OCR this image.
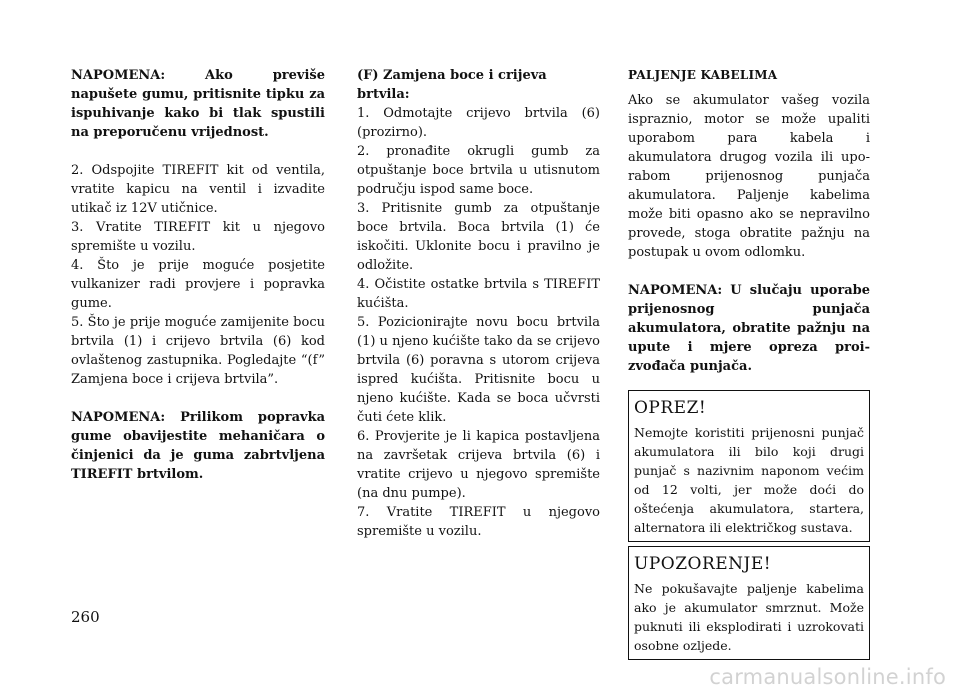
NAPOMENA: Ako previše napušete gumu, pritisnite tipku za ispuhivanje kako bi tlak spustili na preporučenu vrijednost.

2. Odspojite TIREFIT kit od ventila, vratite kapicu na ventil i izvadite utikač iz 12V utičnice.

3. Vratite TIREFIT kit u njegovo spremište u vozilu.

4. Što je prije moguće posjetite vulkanizer radi provjere i popravka gume.

5. Što je prije moguće zamijenite bocu brtvila (1) i crijevo brtvila (6) kod ovlaštenog zastupnika. Pogledajte “(f” Zamjena boce i crijeva brtvila”.

NAPOMENA: Prilikom popravka gume obavijestite mehaničara o činjenici da je guma zabrtvljena TIREFIT brtvilom.

(F) Zamjena boce i crijeva brtvila:

1. Odmotajte crijevo brtvila (6) (prozirno).

2. pronađite okrugli gumb za otpuštanje boce brtvila u utisnutom području ispod same boce.

3. Pritisnite gumb za otpuštanje boce brtvila. Boca brtvila (1) će iskočiti. Uklonite bocu i pravilno je odložite.

4. Očistite ostatke brtvila s TIREFIT kućišta.

5. Pozicionirajte novu bocu brtvila (1) u njeno kućište tako da se crijevo brtvila (6) poravna s utorom crijeva ispred kućišta. Pritisnite bocu u njeno kućište. Kada se boca učvrsti čuti ćete klik.

6. Provjerite je li kapica postavljena na završetak crijeva brtvila (6) i vratite crijevo u njegovo spremište (na dnu pumpe).

7. Vratite TIREFIT u njegovo spremište u vozilu.

PALJENJE KABELIMA

Ako se akumulator vašeg vozila ispraznio, motor se može upaliti uporabom para kabela i akumulatora drugog vozila ili uporabom prijenosnog punjača akumulatora. Paljenje kabelima može biti opasno ako se nepravilno provede, stoga obratite pažnju na postupak u ovom odlomku.

NAPOMENA: U slučaju uporabe prijenosnog punjača akumulatora, obratite pažnju na upute i mjere opreza proizvođača punjača.

OPREZ!
Nemojte koristiti prijenosni punjač akumulatora ili bilo koji drugi punjač s nazivnim naponom većim od 12 volti, jer može doći do oštećenja akumulatora, startera, alternatora ili električkog sustava.
UPOZORENJE!
Ne pokušavajte paljenje kabelima ako je akumulator smrznut. Može puknuti ili eksplodirati i uzrokovati osobne ozljede.
260
carmanualsonline.info
